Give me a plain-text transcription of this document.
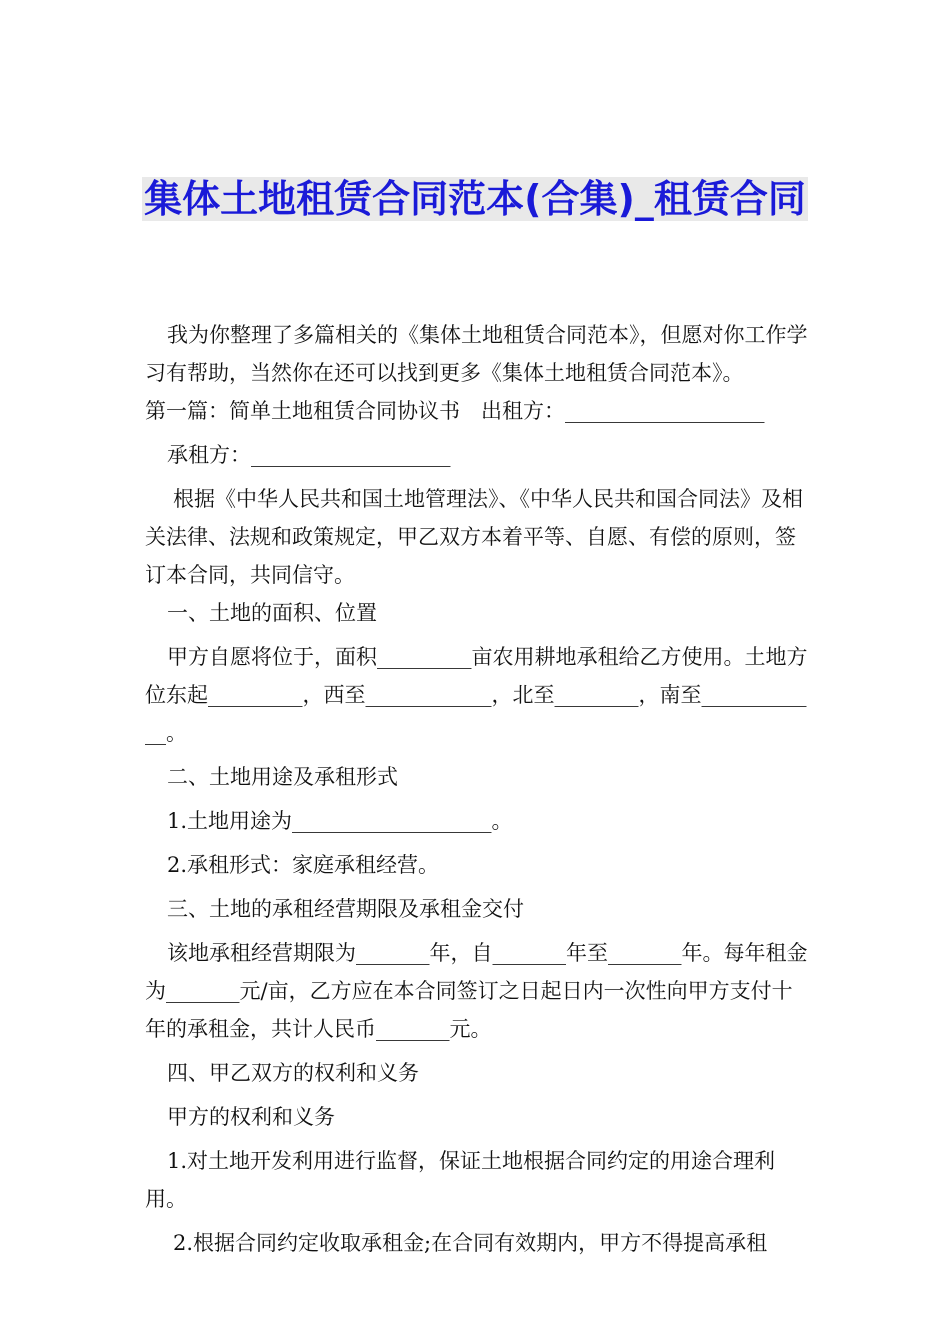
集体土地租赁合同范本(合集)_租赁合同

我为你整理了多篇相关的《集体土地租赁合同范本》，但愿对你工作学习有帮助，当然你在还可以找到更多《集体土地租赁合同范本》。

第一篇：简单土地租赁合同协议书　出租方：___________________

承租方：___________________

根据《中华人民共和国土地管理法》、《中华人民共和国合同法》及相关法律、法规和政策规定，甲乙双方本着平等、自愿、有偿的原则，签订本合同，共同信守。

一、土地的面积、位置

甲方自愿将位于，面积_________亩农用耕地承租给乙方使用。土地方位东起_________，西至____________，北至________，南至____________。

二、土地用途及承租形式

1.土地用途为___________________。

2.承租形式：家庭承租经营。

三、土地的承租经营期限及承租金交付

该地承租经营期限为_______年，自_______年至_______年。每年租金为_______元/亩，乙方应在本合同签订之日起日内一次性向甲方支付十年的承租金，共计人民币_______元。

四、甲乙双方的权利和义务

甲方的权利和义务

1.对土地开发利用进行监督，保证土地根据合同约定的用途合理利用。

2.根据合同约定收取承租金;在合同有效期内，甲方不得提高承租
